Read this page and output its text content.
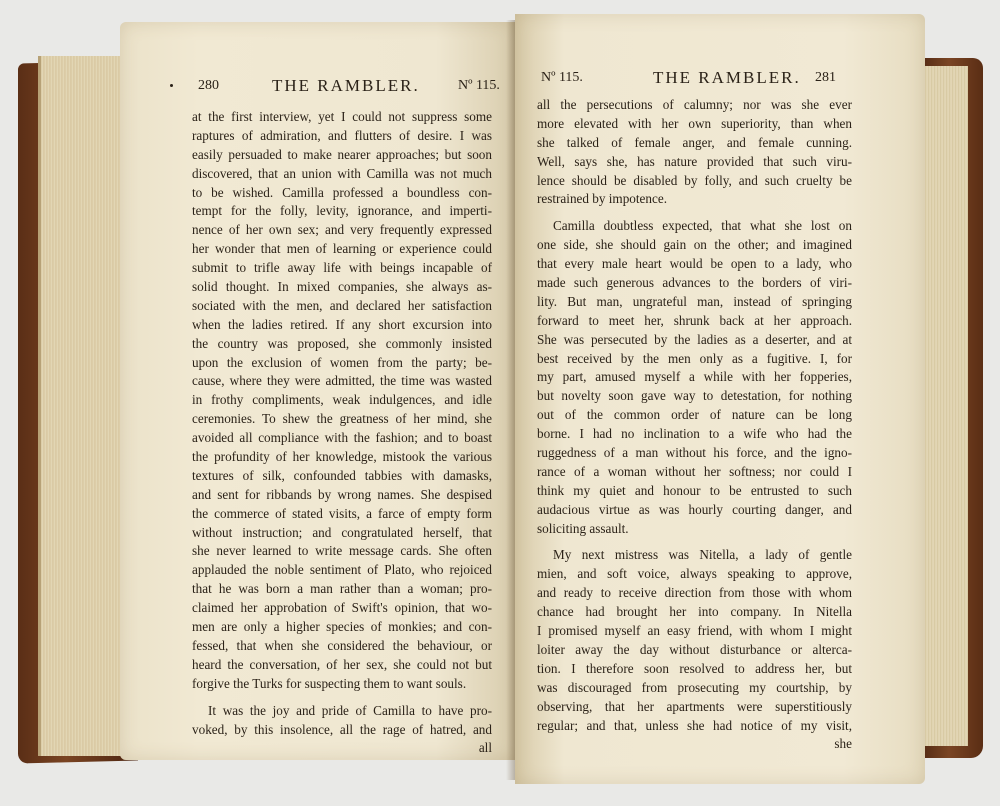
280	THE RAMBLER.	Nº 115.
at the first interview, yet I could not suppress some
raptures of admiration, and flutters of desire. I was
easily persuaded to make nearer approaches; but soon
discovered, that an union with Camilla was not much
to be wished. Camilla professed a boundless con-
tempt for the folly, levity, ignorance, and imperti-
nence of her own sex; and very frequently expressed
her wonder that men of learning or experience could
submit to trifle away life with beings incapable of
solid thought. In mixed companies, she always as-
sociated with the men, and declared her satisfaction
when the ladies retired. If any short excursion into
the country was proposed, she commonly insisted
upon the exclusion of women from the party; be-
cause, where they were admitted, the time was wasted
in frothy compliments, weak indulgences, and idle
ceremonies. To shew the greatness of her mind, she
avoided all compliance with the fashion; and to boast
the profundity of her knowledge, mistook the various
textures of silk, confounded tabbies with damasks,
and sent for ribbands by wrong names. She despised
the commerce of stated visits, a farce of empty form
without instruction; and congratulated herself, that
she never learned to write message cards. She often
applauded the noble sentiment of Plato, who rejoiced
that he was born a man rather than a woman; pro-
claimed her approbation of Swift's opinion, that wo-
men are only a higher species of monkies; and con-
fessed, that when she considered the behaviour, or
heard the conversation, of her sex, she could not but
forgive the Turks for suspecting them to want souls.
It was the joy and pride of Camilla to have pro-
voked, by this insolence, all the rage of hatred, and
all
Nº 115.	THE RAMBLER. 281
all the persecutions of calumny; nor was she ever
more elevated with her own superiority, than when
she talked of female anger, and female cunning.
Well, says she, has nature provided that such viru-
lence should be disabled by folly, and such cruelty be
restrained by impotence.
Camilla doubtless expected, that what she lost on
one side, she should gain on the other; and imagined
that every male heart would be open to a lady, who
made such generous advances to the borders of viri-
lity. But man, ungrateful man, instead of springing
forward to meet her, shrunk back at her approach.
She was persecuted by the ladies as a deserter, and at
best received by the men only as a fugitive. I, for
my part, amused myself a while with her fopperies,
but novelty soon gave way to detestation, for nothing
out of the common order of nature can be long
borne. I had no inclination to a wife who had the
ruggedness of a man without his force, and the igno-
rance of a woman without her softness; nor could I
think my quiet and honour to be entrusted to such
audacious virtue as was hourly courting danger, and
soliciting assault.
My next mistress was Nitella, a lady of gentle
mien, and soft voice, always speaking to approve,
and ready to receive direction from those with whom
chance had brought her into company. In Nitella
I promised myself an easy friend, with whom I might
loiter away the day without disturbance or alterca-
tion. I therefore soon resolved to address her, but
was discouraged from prosecuting my courtship, by
observing, that her apartments were superstitiously
regular; and that, unless she had notice of my visit,
she
